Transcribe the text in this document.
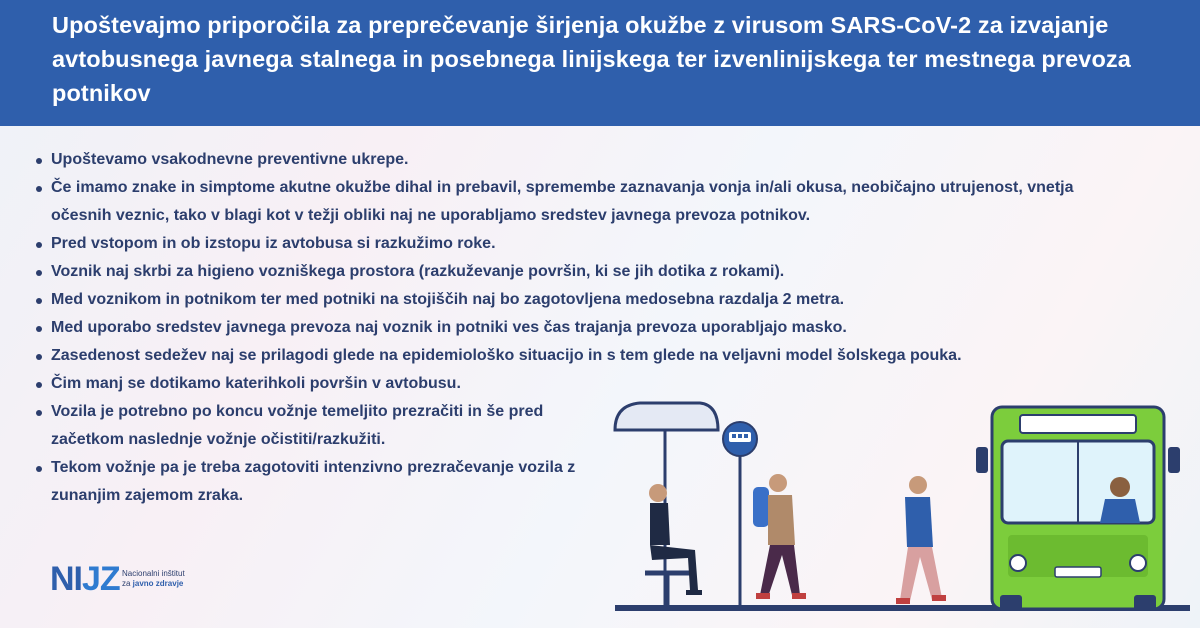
Upoštevajmo priporočila za preprečevanje širjenja okužbe z virusom SARS-CoV-2 za izvajanje avtobusnega javnega stalnega in posebnega linijskega ter izvenlinijskega ter mestnega prevoza potnikov
Upoštevamo vsakodnevne preventivne ukrepe.
Če imamo znake in simptome akutne okužbe dihal in prebavil, spremembe zaznavanja vonja in/ali okusa, neobičajno utrujenost, vnetja očesnih veznic, tako v blagi kot v težji obliki naj ne uporabljamo sredstev javnega prevoza potnikov.
Pred vstopom in ob izstopu iz avtobusa si razkužimo roke.
Voznik naj skrbi za higieno vozniškega prostora (razkuževanje površin, ki se jih dotika z rokami).
Med voznikom in potnikom ter med potniki na stojiščih naj bo zagotovljena medosebna razdalja 2 metra.
Med uporabo sredstev javnega prevoza naj voznik in potniki ves čas trajanja prevoza uporabljajo masko.
Zasedenost sedežev naj se prilagodi glede na epidemiološko situacijo in s tem glede na veljavni model šolskega pouka.
Čim manj se dotikamo katerihkoli površin v avtobusu.
Vozila je potrebno po koncu vožnje temeljito prezračiti in še pred začetkom naslednje vožnje očistiti/razkužiti.
Tekom vožnje pa je treba zagotoviti intenzivno prezračevanje vozila z zunanjim zajemom zraka.
NIJZ Nacionalni inštitut
za javno zdravje
